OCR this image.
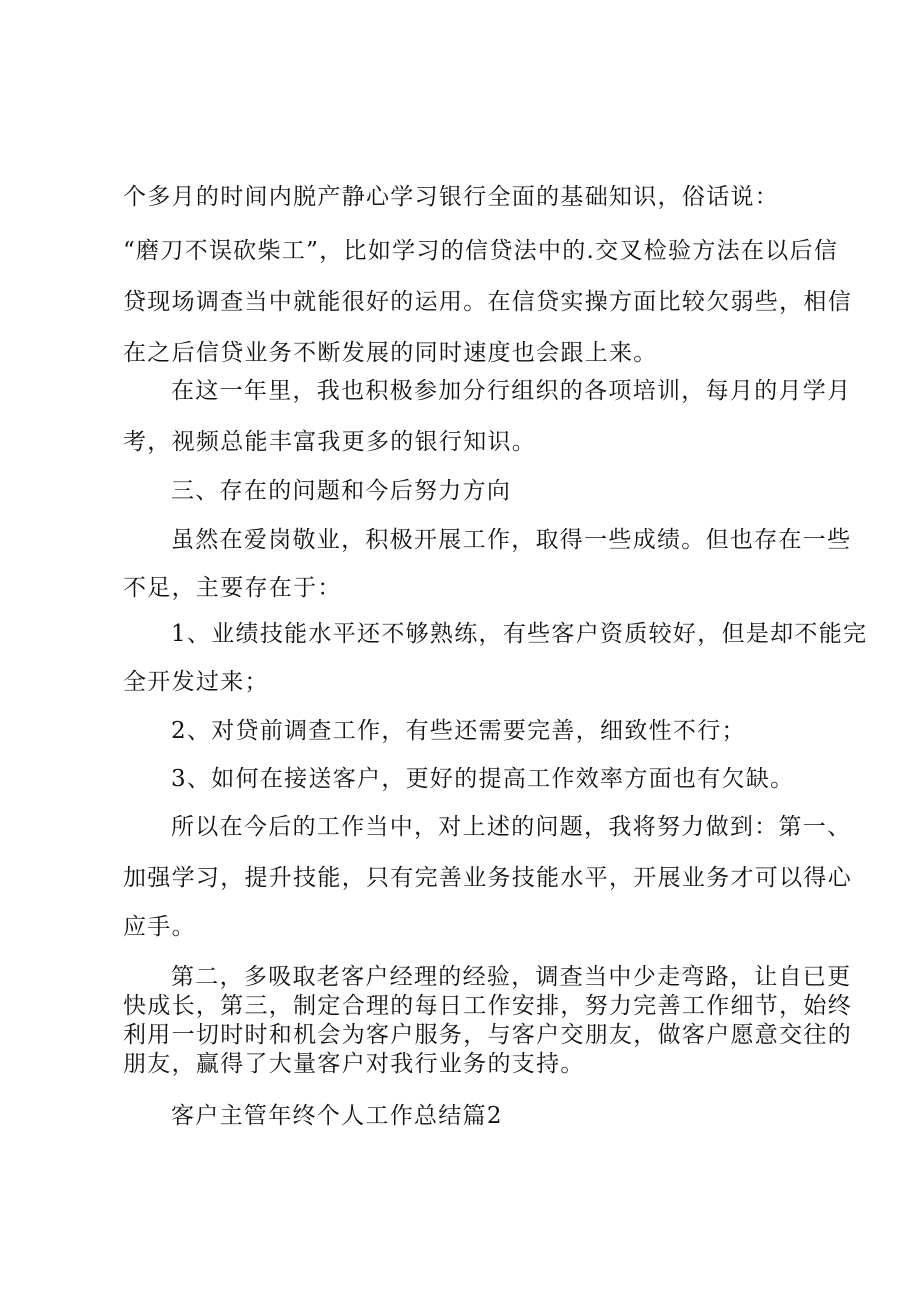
个多月的时间内脱产静心学习银行全面的基础知识，俗话说：
“磨刀不误砍柴工”，比如学习的信贷法中的.交叉检验方法在以后信
贷现场调查当中就能很好的运用。在信贷实操方面比较欠弱些，相信
在之后信贷业务不断发展的同时速度也会跟上来。
在这一年里，我也积极参加分行组织的各项培训，每月的月学月
考，视频总能丰富我更多的银行知识。
三、存在的问题和今后努力方向
虽然在爱岗敬业，积极开展工作，取得一些成绩。但也存在一些
不足，主要存在于：
1、业绩技能水平还不够熟练，有些客户资质较好，但是却不能完
全开发过来；
2、对贷前调查工作，有些还需要完善，细致性不行；
3、如何在接送客户，更好的提高工作效率方面也有欠缺。
所以在今后的工作当中，对上述的问题，我将努力做到：第一、
加强学习，提升技能，只有完善业务技能水平，开展业务才可以得心
应手。
第二，多吸取老客户经理的经验，调查当中少走弯路，让自已更
快成长，第三，制定合理的每日工作安排，努力完善工作细节，始终
利用一切时时和机会为客户服务，与客户交朋友，做客户愿意交往的
朋友，赢得了大量客户对我行业务的支持。
客户主管年终个人工作总结篇2
